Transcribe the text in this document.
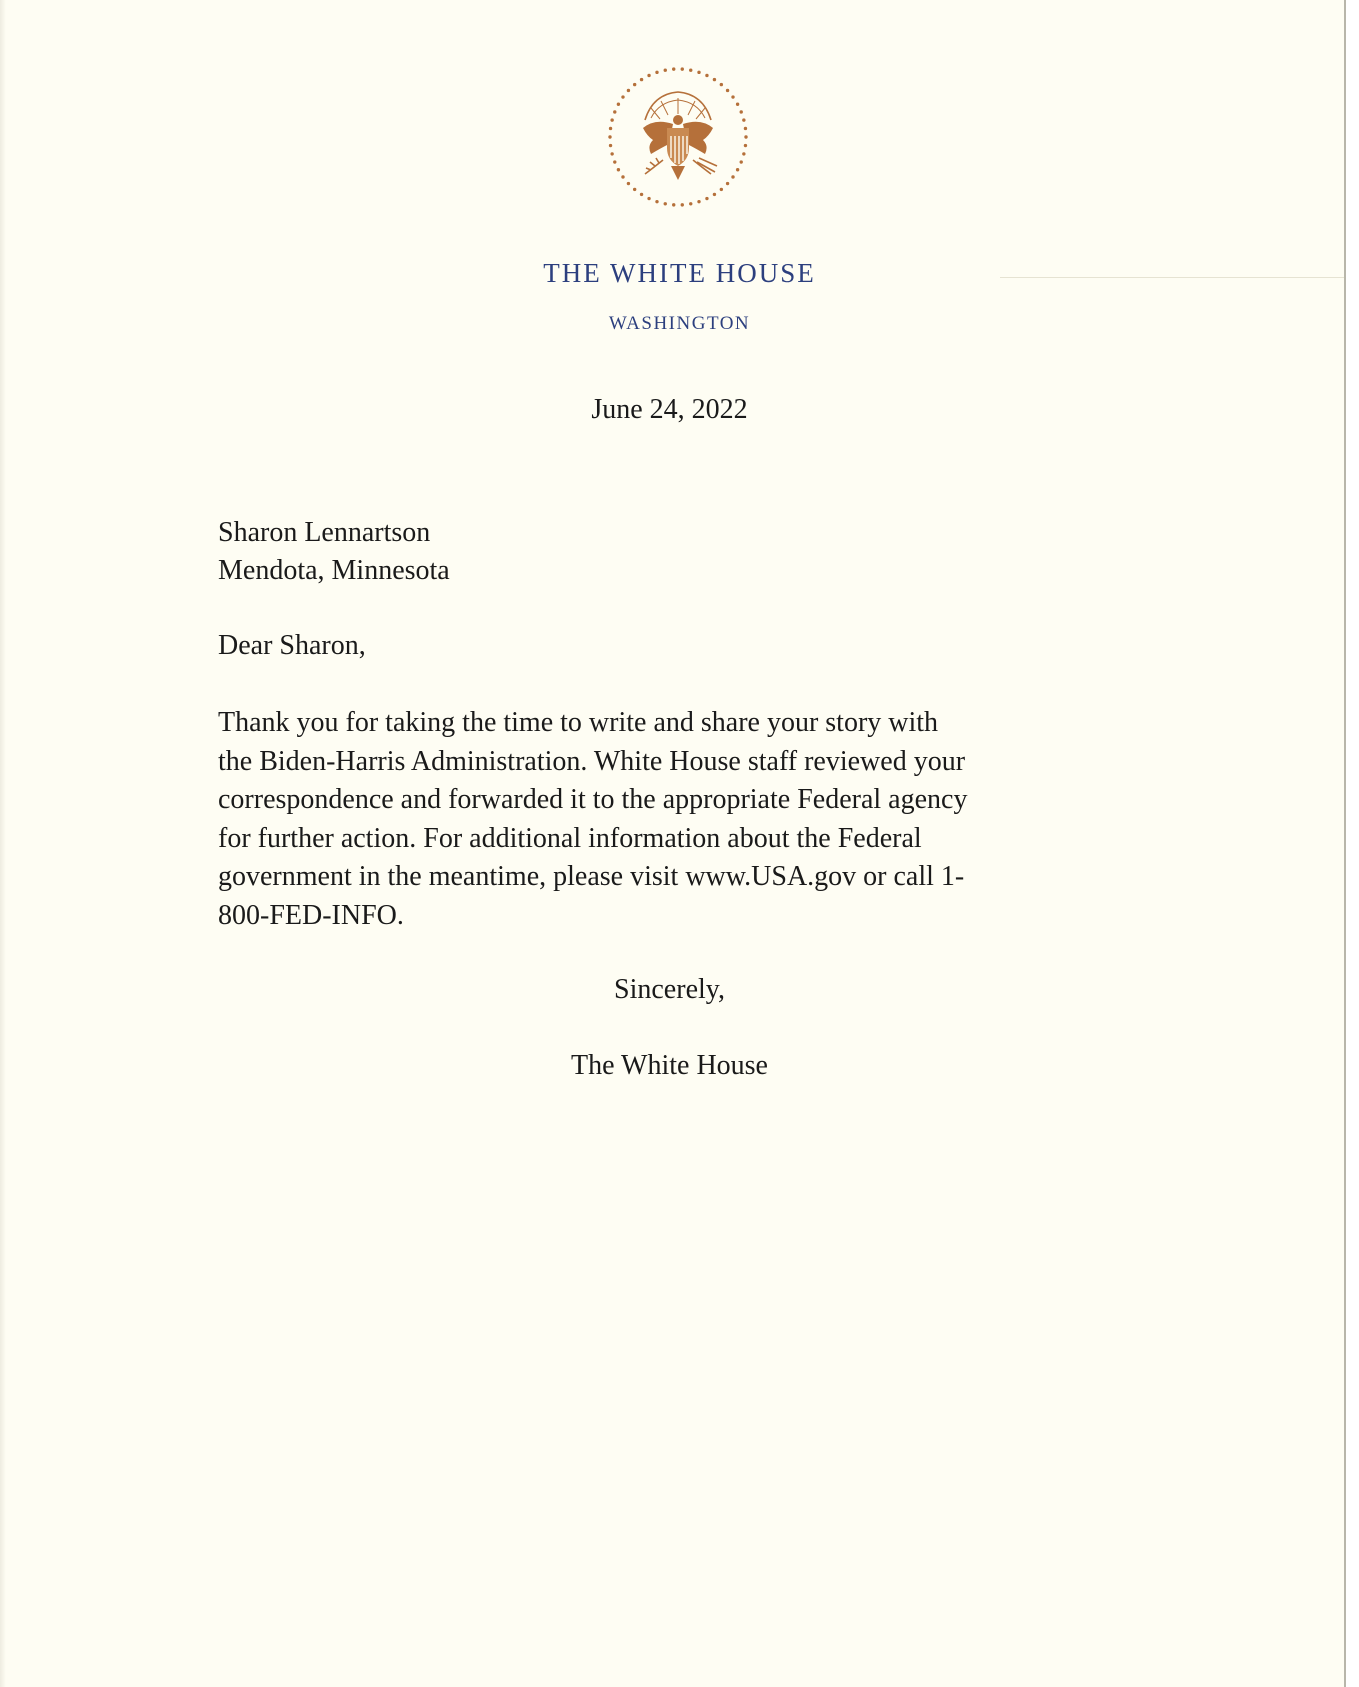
THE WHITE HOUSE
WASHINGTON
June 24, 2022
Sharon Lennartson
Mendota, Minnesota
Dear Sharon,
Thank you for taking the time to write and share your story with
the Biden-Harris Administration. White House staff reviewed your
correspondence and forwarded it to the appropriate Federal agency
for further action. For additional information about the Federal
government in the meantime, please visit www.USA.gov or call 1-
800-FED-INFO.
Sincerely,
The White House
